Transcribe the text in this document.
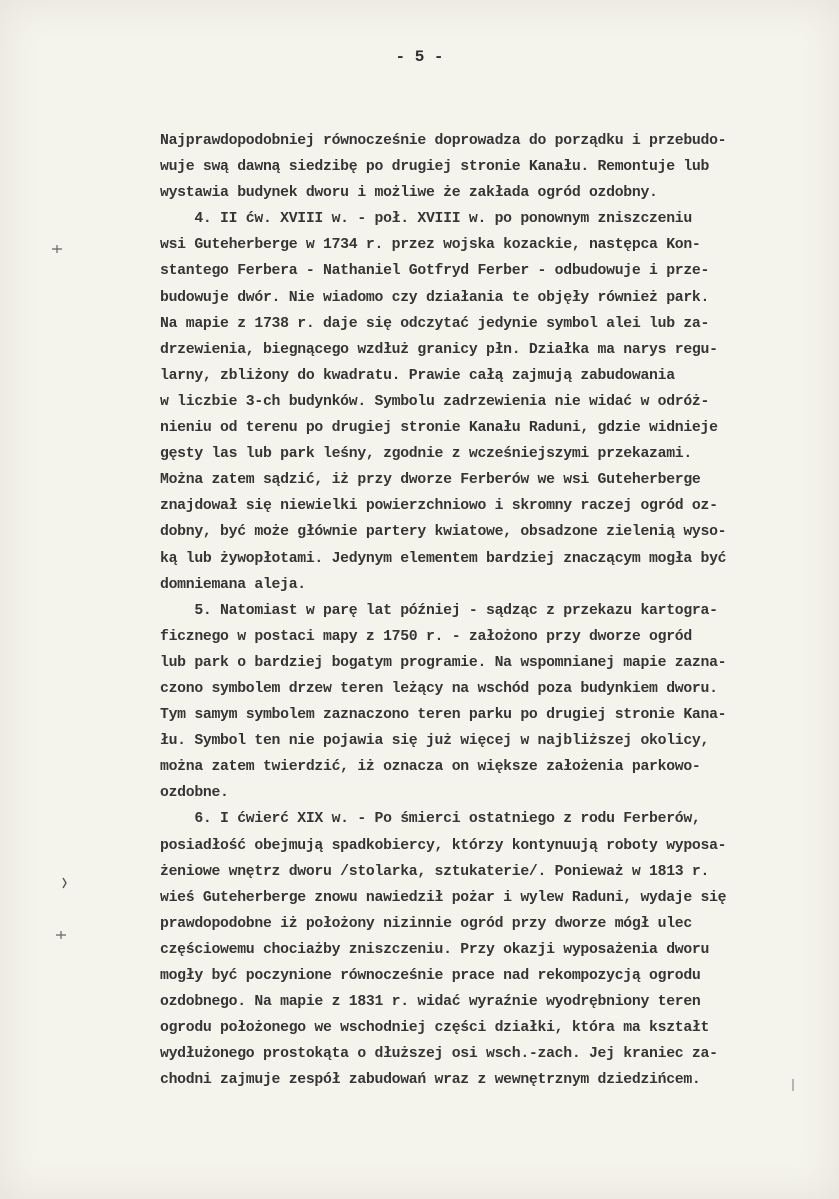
- 5 -
Najprawdopodobniej równocześnie doprowadza do porządku i przebudo-
wuje swą dawną siedzibę po drugiej stronie Kanału. Remontuje lub
wystawia budynek dworu i możliwe że zakłada ogród ozdobny.
4. II ćw. XVIII w. - poł. XVIII w. po ponownym zniszczeniu
wsi Guteherberge w 1734 r. przez wojska kozackie, następca Kon-
stantego Ferbera - Nathaniel Gotfryd Ferber - odbudowuje i prze-
budowuje dwór. Nie wiadomo czy działania te objęły również park.
Na mapie z 1738 r. daje się odczytać jedynie symbol alei lub za-
drzewienia, biegnącego wzdłuż granicy płn. Działka ma narys regu-
larny, zbliżony do kwadratu. Prawie całą zajmują zabudowania
w liczbie 3-ch budynków. Symbolu zadrzewienia nie widać w odróż-
nieniu od terenu po drugiej stronie Kanału Raduni, gdzie widnieje
gęsty las lub park leśny, zgodnie z wcześniejszymi przekazami.
Można zatem sądzić, iż przy dworze Ferberów we wsi Guteherberge
znajdował się niewielki powierzchniowo i skromny raczej ogród oz-
dobny, być może głównie partery kwiatowe, obsadzone zielenią wyso-
ką lub żywopłotami. Jedynym elementem bardziej znaczącym mogła być
domniemana aleja.
5. Natomiast w parę lat później - sądząc z przekazu kartogra-
ficznego w postaci mapy z 1750 r. - założono przy dworze ogród
lub park o bardziej bogatym programie. Na wspomnianej mapie zazna-
czono symbolem drzew teren leżący na wschód poza budynkiem dworu.
Tym samym symbolem zaznaczono teren parku po drugiej stronie Kana-
łu. Symbol ten nie pojawia się już więcej w najbliższej okolicy,
można zatem twierdzić, iż oznacza on większe założenia parkowo-
ozdobne.
6. I ćwierć XIX w. - Po śmierci ostatniego z rodu Ferberów,
posiadłość obejmują spadkobiercy, którzy kontynuują roboty wyposa-
żeniowe wnętrz dworu /stolarka, sztukaterie/. Ponieważ w 1813 r.
wieś Guteherberge znowu nawiedził pożar i wylew Raduni, wydaje się
prawdopodobne iż położony nizinnie ogród przy dworze mógł ulec
częściowemu chociażby zniszczeniu. Przy okazji wyposażenia dworu
mogły być poczynione równocześnie prace nad rekompozycją ogrodu
ozdobnego. Na mapie z 1831 r. widać wyraźnie wyodrębniony teren
ogrodu położonego we wschodniej części działki, która ma kształt
wydłużonego prostokąta o dłuższej osi wsch.-zach. Jej kraniec za-
chodni zajmuje zespół zabudowań wraz z wewnętrznym dziedzińcem.
